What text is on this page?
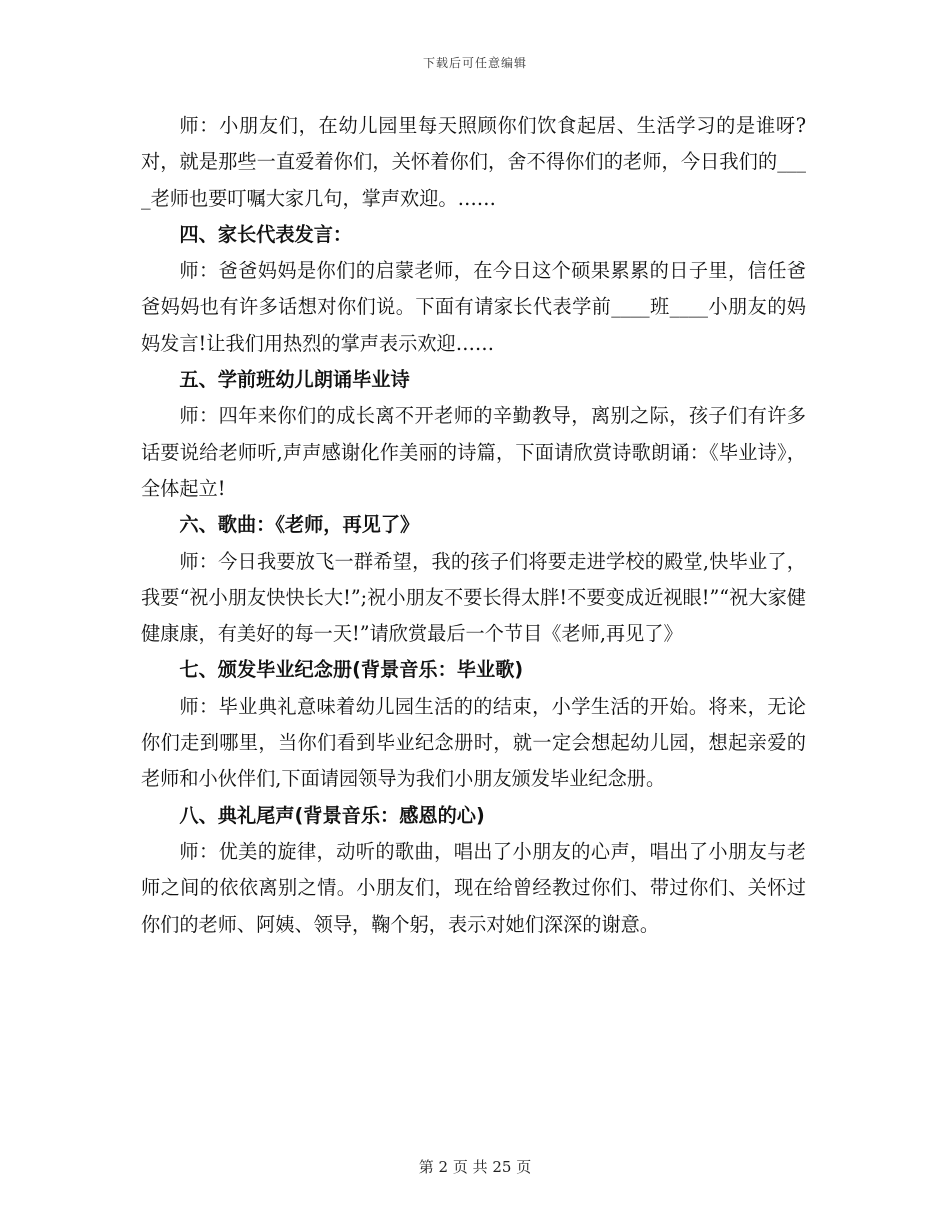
下载后可任意编辑

师：小朋友们，在幼儿园里每天照顾你们饮食起居、生活学习的是谁呀?对，就是那些一直爱着你们，关怀着你们，舍不得你们的老师，今日我们的____老师也要叮嘱大家几句，掌声欢迎。……

四、家长代表发言：

师：爸爸妈妈是你们的启蒙老师，在今日这个硕果累累的日子里，信任爸爸妈妈也有许多话想对你们说。下面有请家长代表学前____班____小朋友的妈妈发言!让我们用热烈的掌声表示欢迎……

五、学前班幼儿朗诵毕业诗

师：四年来你们的成长离不开老师的辛勤教导，离别之际，孩子们有许多话要说给老师听,声声感谢化作美丽的诗篇，下面请欣赏诗歌朗诵：《毕业诗》，全体起立!

六、歌曲：《老师，再见了》

师：今日我要放飞一群希望，我的孩子们将要走进学校的殿堂,快毕业了，我要“祝小朋友快快长大!”;祝小朋友不要长得太胖!不要变成近视眼!”“祝大家健健康康，有美好的每一天!”请欣赏最后一个节目《老师,再见了》

七、颁发毕业纪念册(背景音乐：毕业歌)

师：毕业典礼意味着幼儿园生活的的结束，小学生活的开始。将来，无论你们走到哪里，当你们看到毕业纪念册时，就一定会想起幼儿园，想起亲爱的老师和小伙伴们,下面请园领导为我们小朋友颁发毕业纪念册。

八、典礼尾声(背景音乐：感恩的心)

师：优美的旋律，动听的歌曲，唱出了小朋友的心声，唱出了小朋友与老师之间的依依离别之情。小朋友们，现在给曾经教过你们、带过你们、关怀过你们的老师、阿姨、领导，鞠个躬，表示对她们深深的谢意。

第 2 页 共 25 页
